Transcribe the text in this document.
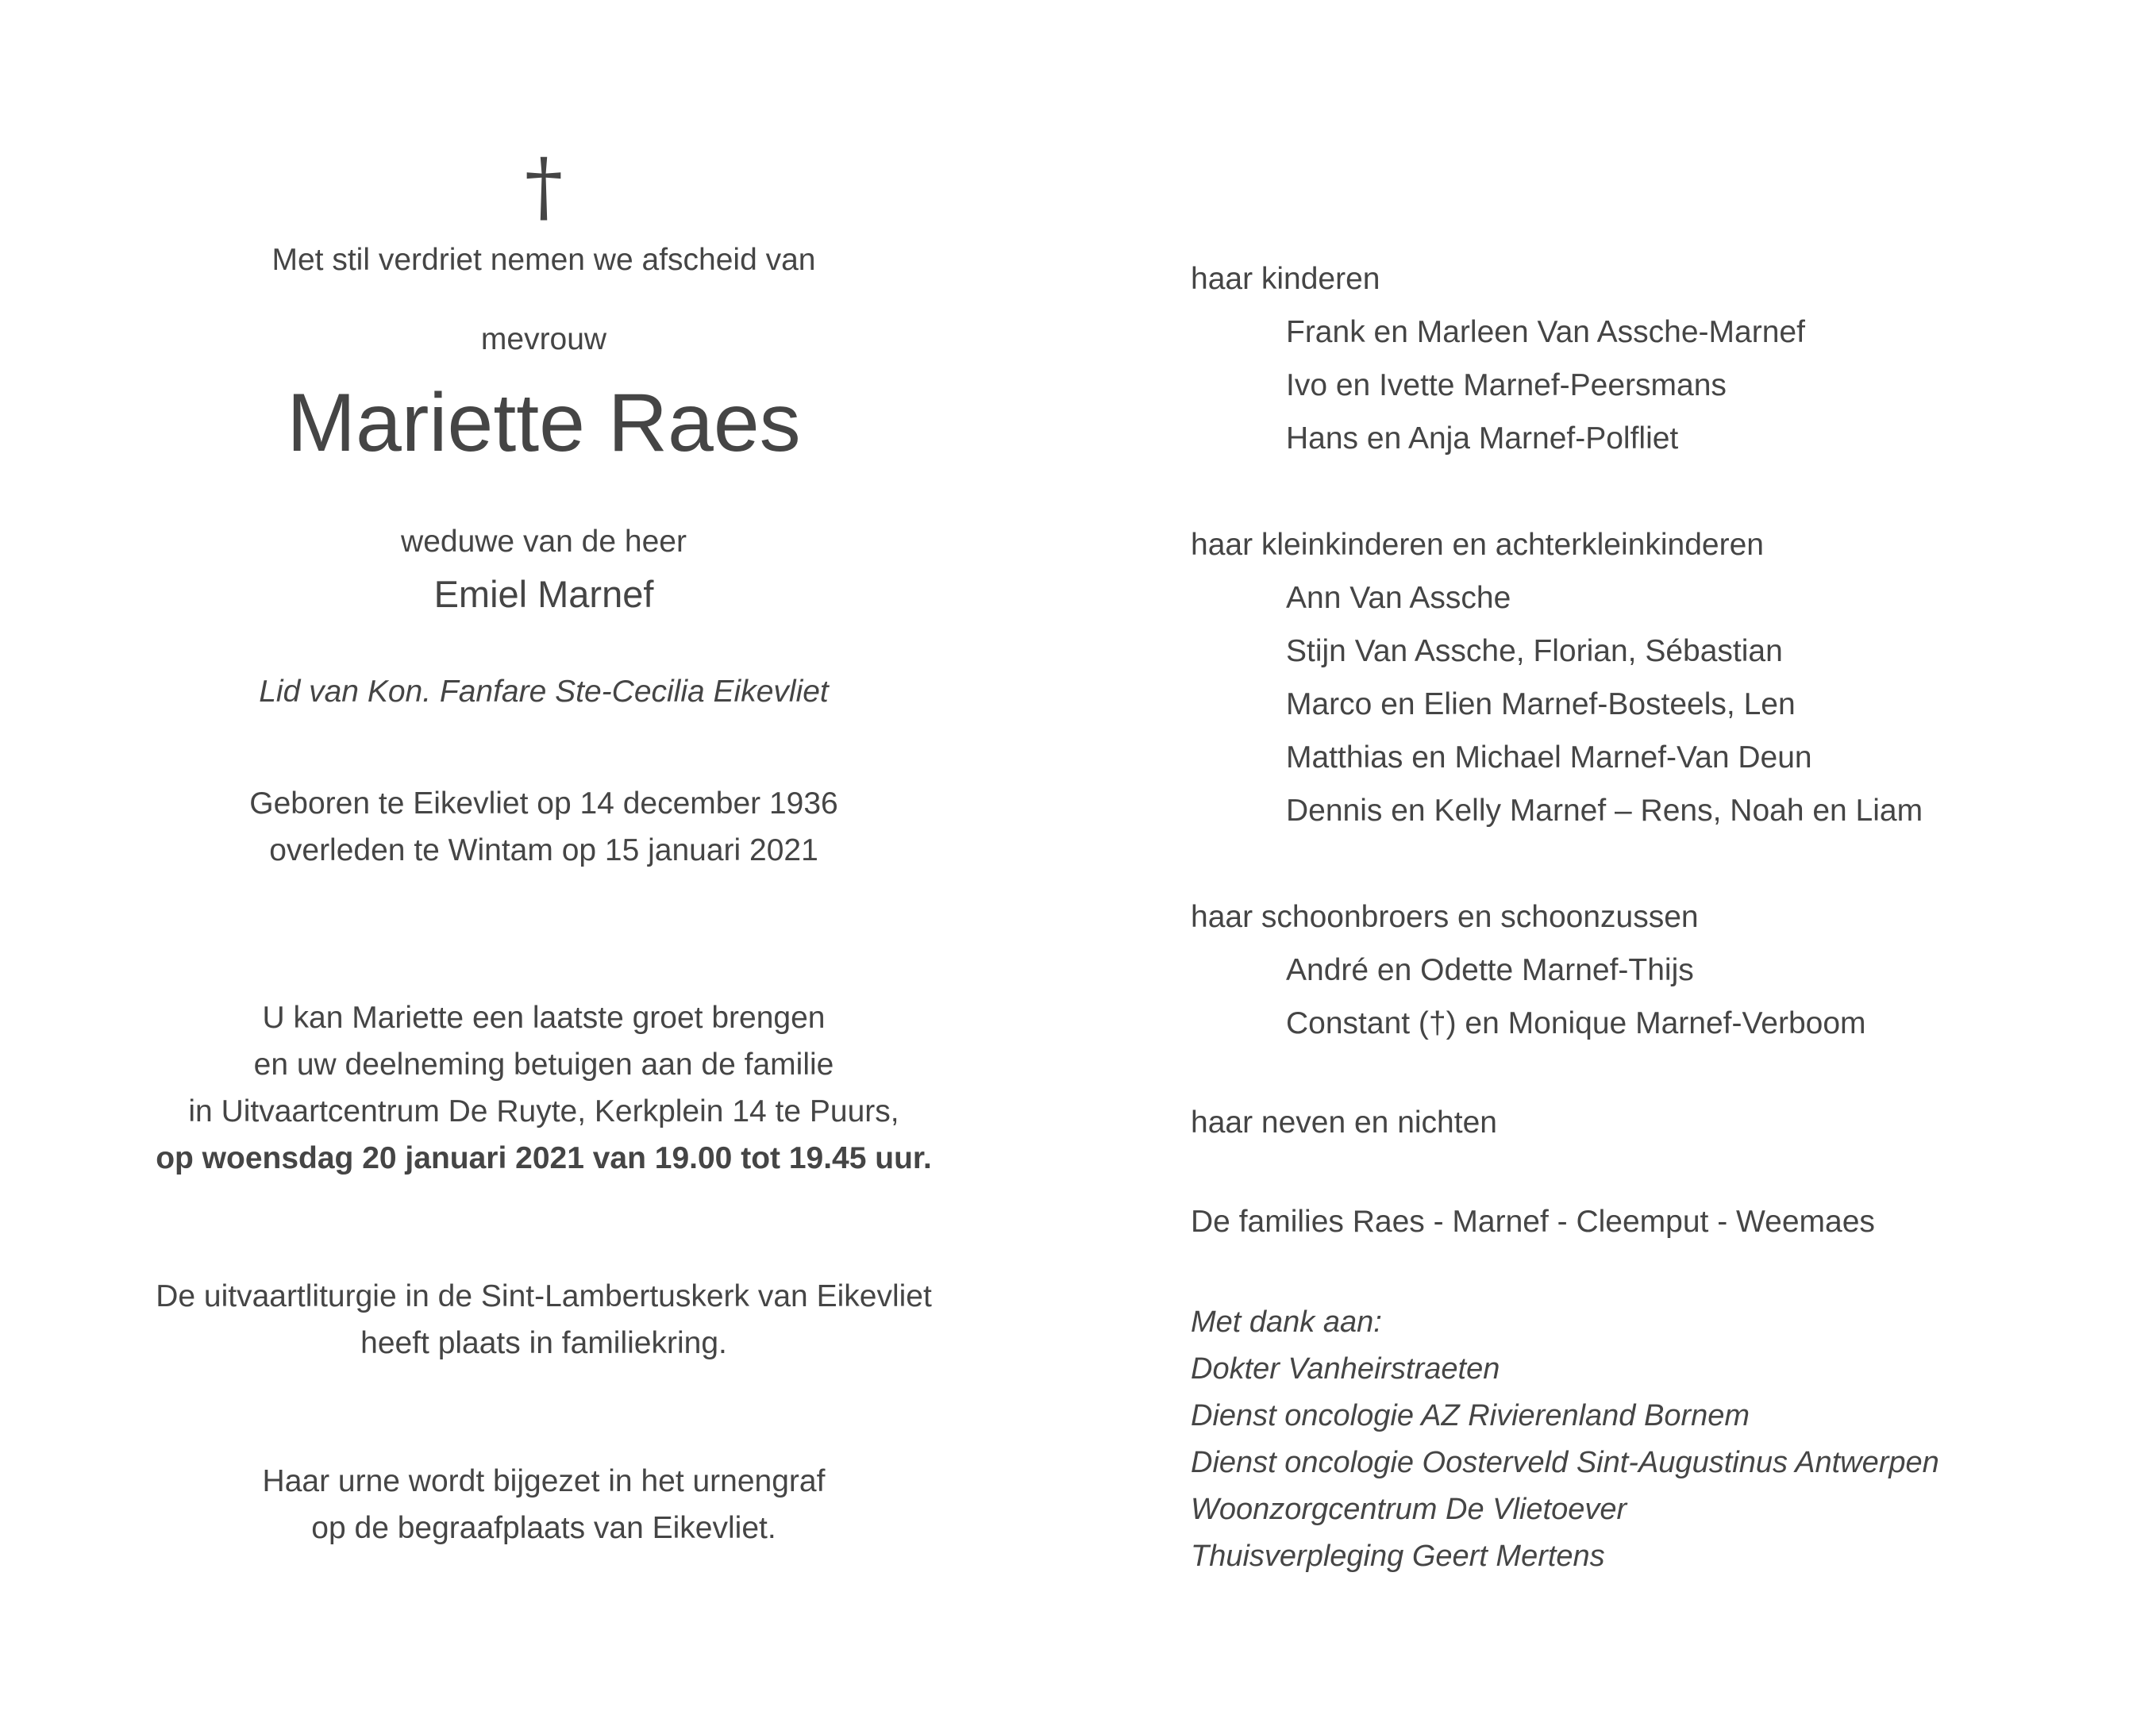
†

Met stil verdriet nemen we afscheid van

mevrouw

Mariette Raes

weduwe van de heer

Emiel Marnef

Lid van Kon. Fanfare Ste-Cecilia Eikevliet

Geboren te Eikevliet op 14 december 1936

overleden te Wintam op 15 januari 2021

U kan Mariette een laatste groet brengen

en uw deelneming betuigen aan de familie

in Uitvaartcentrum De Ruyte, Kerkplein 14 te Puurs,

op woensdag 20 januari 2021 van 19.00 tot 19.45 uur.

De uitvaartliturgie in de Sint-Lambertuskerk van Eikevliet

heeft plaats in familiekring.

Haar urne wordt bijgezet in het urnengraf

op de begraafplaats van Eikevliet.

haar kinderen

Frank en Marleen Van Assche-Marnef

Ivo en Ivette Marnef-Peersmans

Hans en Anja Marnef-Polfliet

haar kleinkinderen en achterkleinkinderen

Ann Van Assche

Stijn Van Assche, Florian, Sébastian

Marco en Elien Marnef-Bosteels, Len

Matthias en Michael Marnef-Van Deun

Dennis en Kelly Marnef – Rens, Noah en Liam

haar schoonbroers en schoonzussen

André en Odette Marnef-Thijs

Constant (†) en Monique Marnef-Verboom

haar neven en nichten

De families Raes - Marnef - Cleemput - Weemaes

Met dank aan:

Dokter Vanheirstraeten

Dienst oncologie AZ Rivierenland Bornem

Dienst oncologie Oosterveld Sint-Augustinus Antwerpen

Woonzorgcentrum De Vlietoever

Thuisverpleging Geert Mertens
